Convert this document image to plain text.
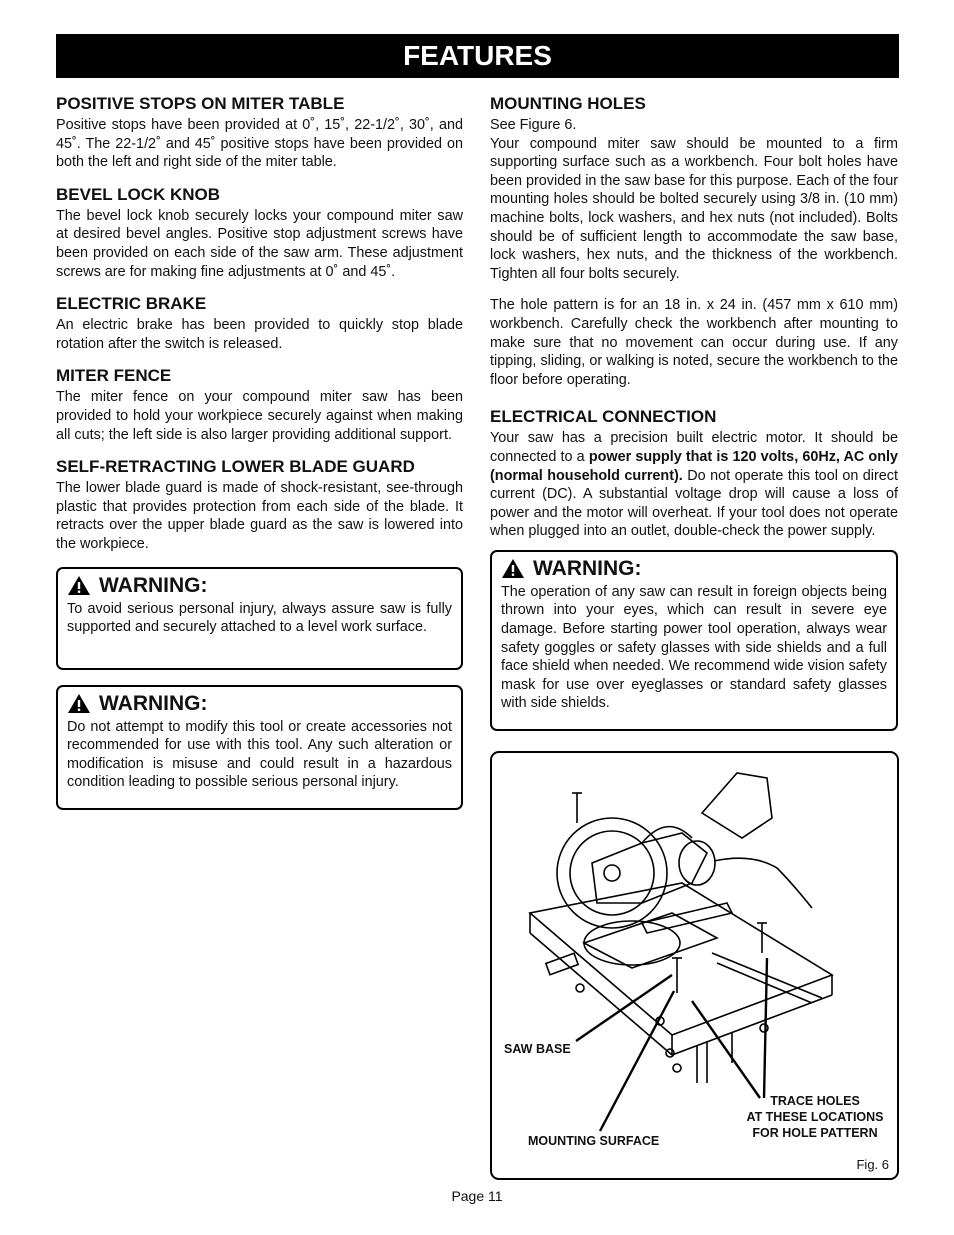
FEATURES
POSITIVE STOPS ON MITER TABLE

Positive stops have been provided at 0˚, 15˚, 22-1/2˚, 30˚, and 45˚. The 22-1/2˚ and 45˚ positive stops have been provided on both the left and right side of the miter table.

BEVEL LOCK KNOB

The bevel lock knob securely locks your compound miter saw at desired bevel angles. Positive stop adjustment screws have been provided on each side of the saw arm. These adjustment screws are for making fine adjustments at 0˚ and 45˚.

ELECTRIC BRAKE

An electric brake has been provided to quickly stop blade rotation after the switch is released.

MITER FENCE

The miter fence on your compound miter saw has been provided to hold your workpiece securely against when making all cuts; the left side is also larger providing additional support.

SELF-RETRACTING LOWER BLADE GUARD

The lower blade guard is made of shock-resistant, see-through plastic that provides protection from each side of the blade. It retracts over the upper blade guard as the saw is lowered into the workpiece.

WARNING:

To avoid serious personal injury, always assure saw is fully supported and securely attached to a level work surface.

WARNING:

Do not attempt to modify this tool or create accessories not recommended for use with this tool. Any such alteration or modification is misuse and could result in a hazardous condition leading to possible serious personal injury.

MOUNTING HOLES

See Figure 6.

Your compound miter saw should be mounted to a firm supporting surface such as a workbench. Four bolt holes have been provided in the saw base for this purpose. Each of the four mounting holes should be bolted securely using 3/8 in. (10 mm) machine bolts, lock washers, and hex nuts (not included). Bolts should be of sufficient length to accommodate the saw base, lock washers, hex nuts, and the thickness of the workbench. Tighten all four bolts securely.

The hole pattern is for an 18 in. x 24 in. (457 mm x 610 mm) workbench. Carefully check the workbench after mounting to make sure that no movement can occur during use. If any tipping, sliding, or walking is noted, secure the workbench to the floor before operating.

ELECTRICAL CONNECTION

Your saw has a precision built electric motor. It should be connected to a power supply that is 120 volts, 60Hz, AC only (normal household current). Do not operate this tool on direct current (DC). A substantial voltage drop will cause a loss of power and the motor will overheat. If your tool does not operate when plugged into an outlet, double-check the power supply.

WARNING:

The operation of any saw can result in foreign objects being thrown into your eyes, which can result in severe eye damage. Before starting power tool operation, always wear safety goggles or safety glasses with side shields and a full face shield when needed. We recommend wide vision safety mask for use over eyeglasses or standard safety glasses with side shields.

SAW BASE
MOUNTING SURFACE
TRACE HOLES
AT THESE LOCATIONS
FOR HOLE PATTERN
Fig. 6
Page 11
